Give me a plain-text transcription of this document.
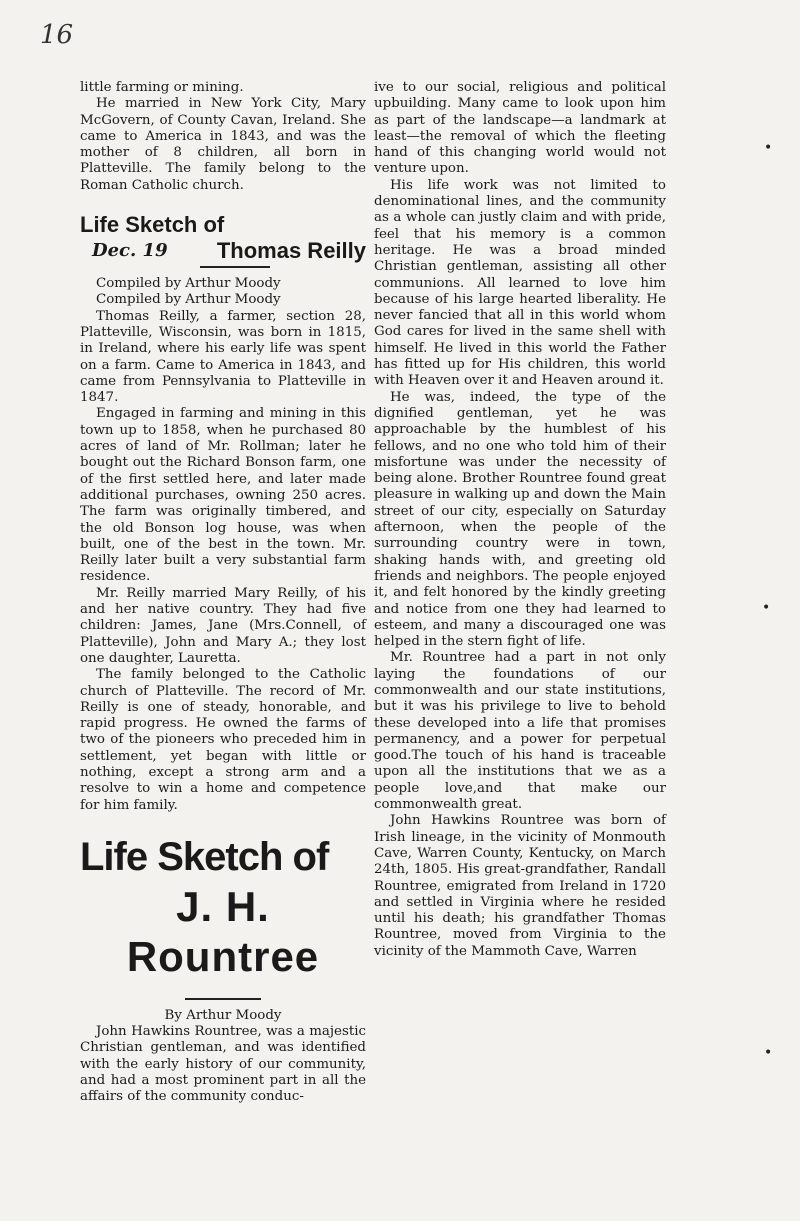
16

little farming or mining.

He married in New York City, Mary McGovern, of County Cavan, Ireland. She came to America in 1843, and was the mother of 8 children, all born in Platteville. The family belong to the Roman Catholic church.

Life Sketch of
Thomas Reilly
Dec. 19

Compiled by Arthur Moody

Compiled by Arthur Moody

Thomas Reilly, a farmer, section 28, Platteville, Wisconsin, was born in 1815, in Ireland, where his early life was spent on a farm. Came to America in 1843, and came from Pennsylvania to Platteville in 1847.

Engaged in farming and mining in this town up to 1858, when he purchased 80 acres of land of Mr. Rollman; later he bought out the Richard Bonson farm, one of the first settled here, and later made additional purchases, owning 250 acres. The farm was originally timbered, and the old Bonson log house, was when built, one of the best in the town. Mr. Reilly later built a very substantial farm residence.

Mr. Reilly married Mary Reilly, of his and her native country. They had five children: James, Jane (Mrs.Connell, of Platteville), John and Mary A.; they lost one daughter, Lauretta.

The family belonged to the Catholic church of Platteville. The record of Mr. Reilly is one of steady, honorable, and rapid progress. He owned the farms of two of the pioneers who preceded him in settlement, yet began with little or nothing, except a strong arm and a resolve to win a home and competence for him family.

Life Sketch of
J. H. Rountree

By Arthur Moody

John Hawkins Rountree, was a majestic Christian gentleman, and was identified with the early history of our community, and had a most prominent part in all the affairs of the community conduc-

ive to our social, religious and political upbuilding. Many came to look upon him as part of the landscape—a landmark at least—the removal of which the fleeting hand of this changing world would not venture upon.

His life work was not limited to denominational lines, and the community as a whole can justly claim and with pride, feel that his memory is a common heritage. He was a broad minded Christian gentleman, assisting all other communions. All learned to love him because of his large hearted liberality. He never fancied that all in this world whom God cares for lived in the same shell with himself. He lived in this world the Father has fitted up for His children, this world with Heaven over it and Heaven around it.

He was, indeed, the type of the dignified gentleman, yet he was approachable by the humblest of his fellows, and no one who told him of their misfortune was under the necessity of being alone. Brother Rountree found great pleasure in walking up and down the Main street of our city, especially on Saturday afternoon, when the people of the surrounding country were in town, shaking hands with, and greeting old friends and neighbors. The people enjoyed it, and felt honored by the kindly greeting and notice from one they had learned to esteem, and many a discouraged one was helped in the stern fight of life.

Mr. Rountree had a part in not only laying the foundations of our commonwealth and our state institutions, but it was his privilege to live to behold these developed into a life that promises permanency, and a power for perpetual good.The touch of his hand is traceable upon all the institutions that we as a people love,and that make our commonwealth great.

John Hawkins Rountree was born of Irish lineage, in the vicinity of Monmouth Cave, Warren County, Kentucky, on March 24th, 1805. His great-grandfather, Randall Rountree, emigrated from Ireland in 1720 and settled in Virginia where he resided until his death; his grandfather Thomas Rountree, moved from Virginia to the vicinity of the Mammoth Cave, Warren

•
•
•
